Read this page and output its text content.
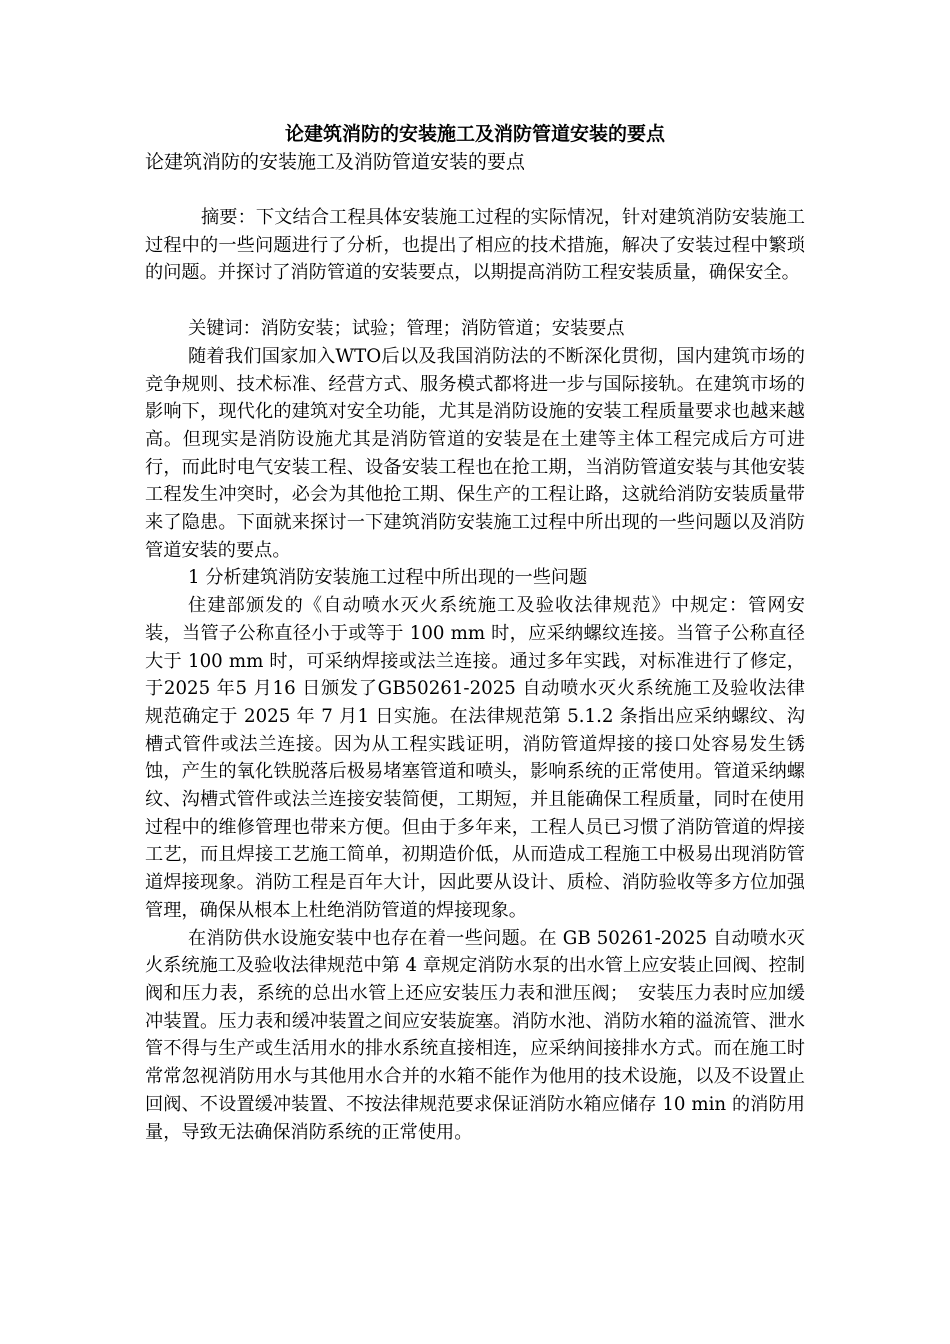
论建筑消防的安装施工及消防管道安装的要点
论建筑消防的安装施工及消防管道安装的要点

摘要：下文结合工程具体安装施工过程的实际情况，针对建筑消防安装施工过程中的一些问题进行了分析，也提出了相应的技术措施，解决了安装过程中繁琐的问题。并探讨了消防管道的安装要点，以期提高消防工程安装质量，确保安全。

关键词：消防安装；试验；管理；消防管道；安装要点

随着我们国家加入WTO后以及我国消防法的不断深化贯彻，国内建筑市场的竞争规则、技术标准、经营方式、服务模式都将进一步与国际接轨。在建筑市场的影响下，现代化的建筑对安全功能，尤其是消防设施的安装工程质量要求也越来越高。但现实是消防设施尤其是消防管道的安装是在土建等主体工程完成后方可进行，而此时电气安装工程、设备安装工程也在抢工期，当消防管道安装与其他安装工程发生冲突时，必会为其他抢工期、保生产的工程让路，这就给消防安装质量带来了隐患。下面就来探讨一下建筑消防安装施工过程中所出现的一些问题以及消防管道安装的要点。

1 分析建筑消防安装施工过程中所出现的一些问题

住建部颁发的《自动喷水灭火系统施工及验收法律规范》中规定：管网安装，当管子公称直径小于或等于 100 mm 时，应采纳螺纹连接。当管子公称直径大于 100 mm 时，可采纳焊接或法兰连接。通过多年实践，对标准进行了修定，于2025 年5 月16 日颁发了GB50261-2025 自动喷水灭火系统施工及验收法律规范确定于 2025 年 7 月1 日实施。在法律规范第 5.1.2 条指出应采纳螺纹、沟槽式管件或法兰连接。因为从工程实践证明，消防管道焊接的接口处容易发生锈蚀，产生的氧化铁脱落后极易堵塞管道和喷头，影响系统的正常使用。管道采纳螺纹、沟槽式管件或法兰连接安装简便，工期短，并且能确保工程质量，同时在使用过程中的维修管理也带来方便。但由于多年来，工程人员已习惯了消防管道的焊接工艺，而且焊接工艺施工简单，初期造价低，从而造成工程施工中极易出现消防管道焊接现象。消防工程是百年大计，因此要从设计、质检、消防验收等多方位加强管理，确保从根本上杜绝消防管道的焊接现象。

在消防供水设施安装中也存在着一些问题。在 GB 50261-2025 自动喷水灭火系统施工及验收法律规范中第 4 章规定消防水泵的出水管上应安装止回阀、控制阀和压力表，系统的总出水管上还应安装压力表和泄压阀；　安装压力表时应加缓冲装置。压力表和缓冲装置之间应安装旋塞。消防水池、消防水箱的溢流管、泄水管不得与生产或生活用水的排水系统直接相连，应采纳间接排水方式。而在施工时常常忽视消防用水与其他用水合并的水箱不能作为他用的技术设施，以及不设置止回阀、不设置缓冲装置、不按法律规范要求保证消防水箱应储存 10 min 的消防用量，导致无法确保消防系统的正常使用。
